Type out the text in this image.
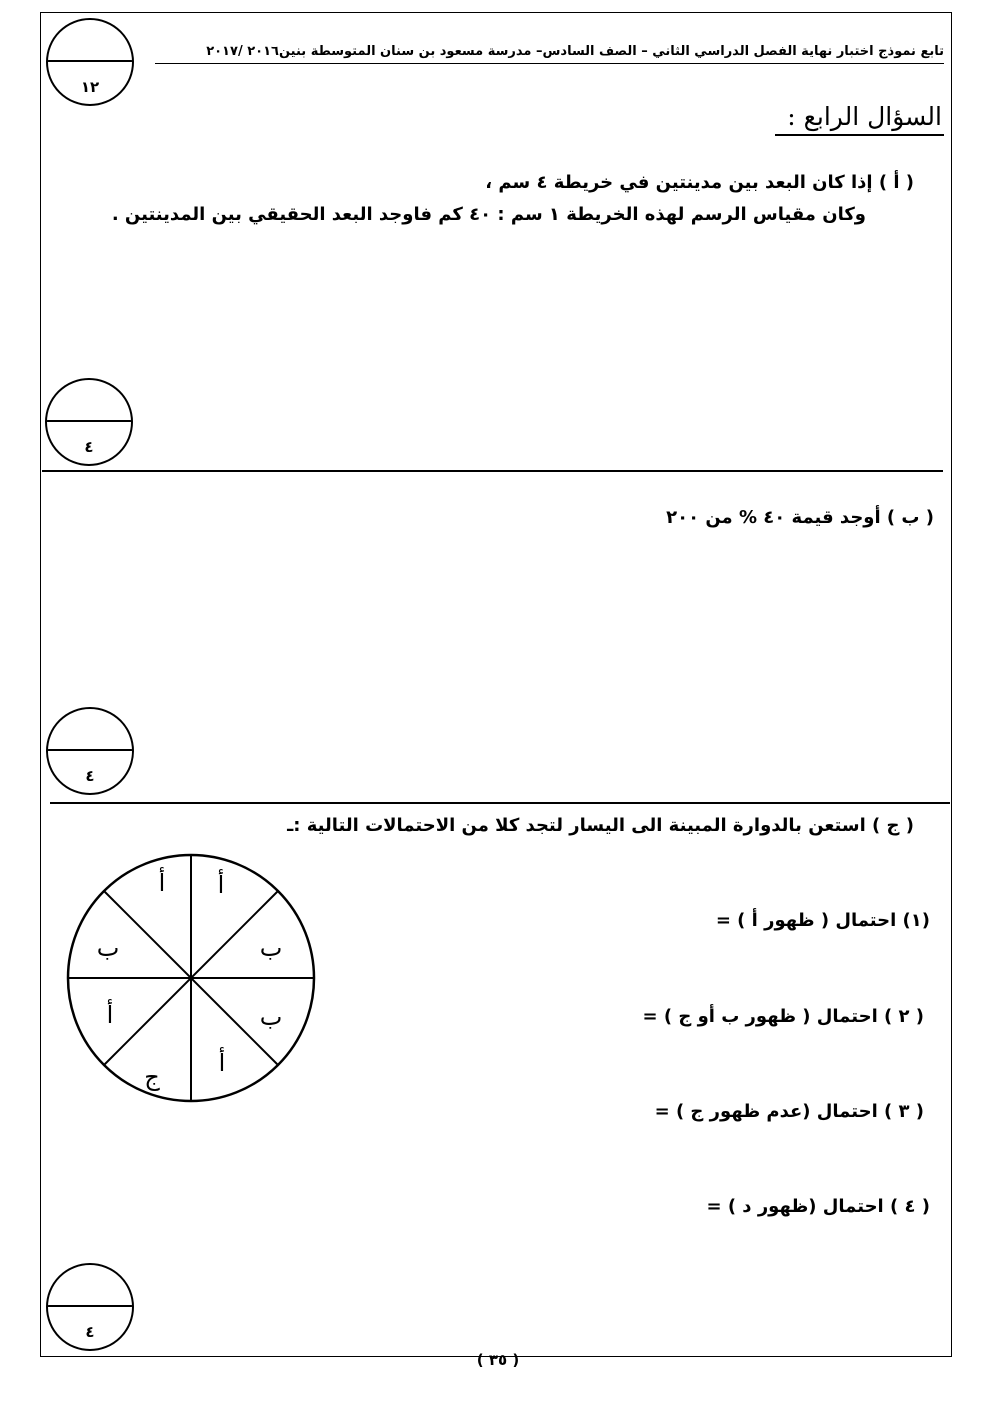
تابع نموذج اختبار نهاية الفصل الدراسي الثاني – الصف السادس– مدرسة مسعود بن سنان المتوسطة بنين٢٠١٦ /٢٠١٧
١٢
السؤال الرابع :
( أ ) إذا كان البعد بين مدينتين في خريطة ٤ سم ،
وكان مقياس الرسم لهذه الخريطة ١ سم : ٤٠ كم فاوجد البعد الحقيقي بين المدينتين .
٤
( ب ) أوجد قيمة ٤٠ % من ٢٠٠
٤
( ج ) استعن بالدوارة المبينة الى اليسار لتجد كلا من الاحتمالات التالية :ـ
(١) احتمال ( ظهور أ ) =
( ٢ ) احتمال ( ظهور ب أو ج ) =
( ٣ ) احتمال (عدم ظهور ج ) =
( ٤ ) احتمال (ظهور د ) =
أ
ب
ب
أ
ج
أ
ب
أ
٤
( ٣٥ )
